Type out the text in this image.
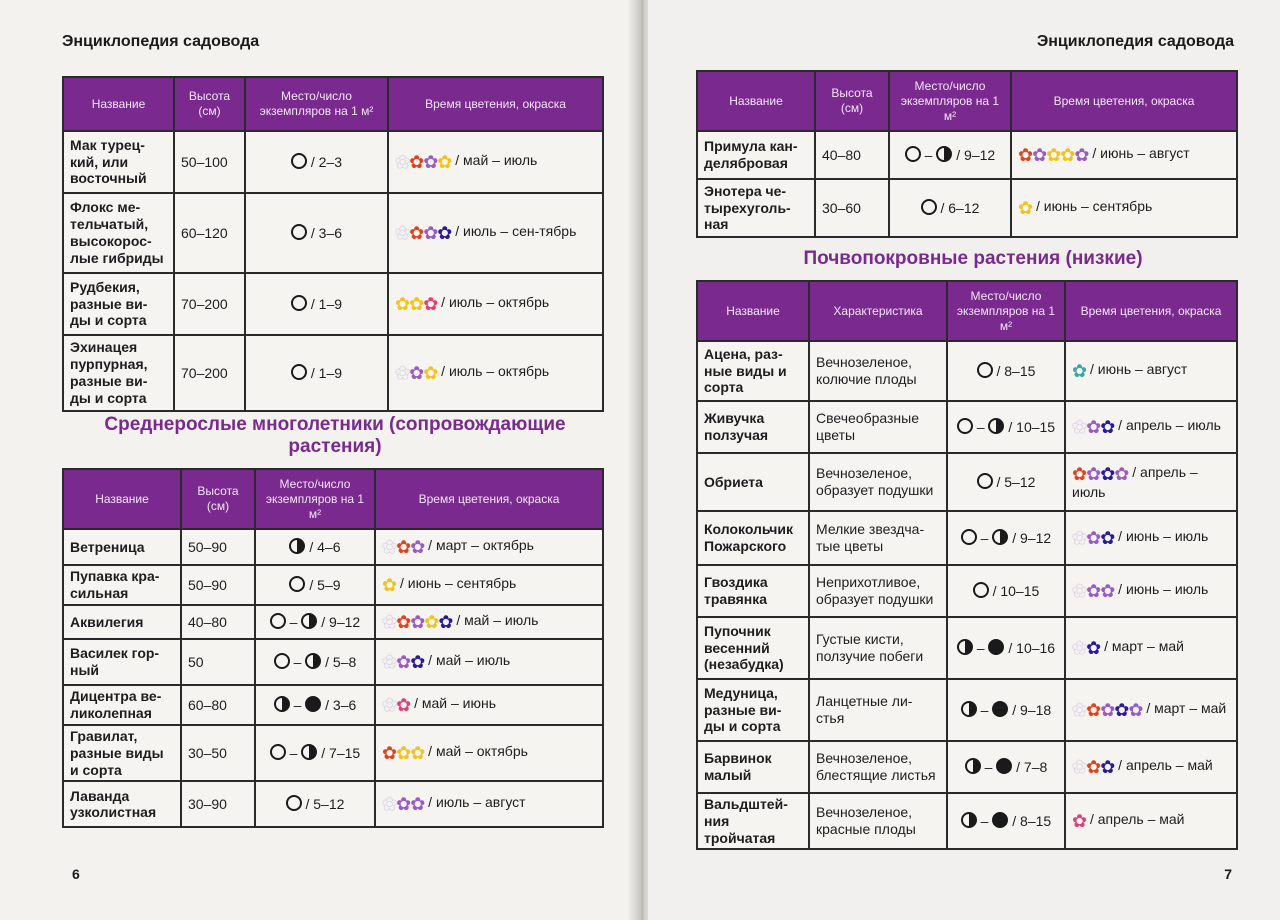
Энциклопедия садовода
Название	Высота (см)	Место/число экземпляров на 1 м²	Время цветения, окраска
Мак турец-кий, или восточный	50–100	/ 2–3	✿✿✿✿ / май – июль
Флокс ме-тельчатый, высокорос-лые гибриды	60–120	/ 3–6	✿✿✿✿ / июль – сен-тябрь
Рудбекия, разные ви-ды и сорта	70–200	/ 1–9	✿✿✿ / июль – октябрь
Эхинацея пурпурная, разные ви-ды и сорта	70–200	/ 1–9	✿✿✿ / июль – октябрь
Среднерослые многолетники (сопровождающие растения)
Название	Высота (см)	Место/число экземпляров на 1 м²	Время цветения, окраска
Ветреница	50–90	/ 4–6	✿✿✿ / март – октябрь
Пупавка кра-сильная	50–90	/ 5–9	✿ / июнь – сентябрь
Аквилегия	40–80	–  / 9–12	✿✿✿✿✿ / май – июль
Василек гор-ный	50	–  / 5–8	✿✿✿ / май – июль
Дицентра ве-ликолепная	60–80	–  / 3–6	✿✿ / май – июнь
Гравилат, разные виды и сорта	30–50	–  / 7–15	✿✿✿ / май – октябрь
Лаванда узколистная	30–90	/ 5–12	✿✿✿ / июль – август
6
Энциклопедия садовода
Название	Высота (см)	Место/число экземпляров на 1 м²	Время цветения, окраска
Примула кан-делябровая	40–80	–  / 9–12	✿✿✿✿✿ / июнь – август
Энотера че-тырехуголь-ная	30–60	/ 6–12	✿ / июнь – сентябрь
Почвопокровные растения (низкие)
Название	Характеристика	Место/число экземпляров на 1 м²	Время цветения, окраска
Ацена, раз-ные виды и сорта	Вечнозеленое, колючие плоды	/ 8–15	✿ / июнь – август
Живучка ползучая	Свечеобразные цветы	–  / 10–15	✿✿✿ / апрель – июль
Обриета	Вечнозеленое, образует подушки	/ 5–12	✿✿✿✿ / апрель – июль
Колокольчик Пожарского	Мелкие звездча-тые цветы	–  / 9–12	✿✿✿ / июнь – июль
Гвоздика травянка	Неприхотливое, образует подушки	/ 10–15	✿✿✿ / июнь – июль
Пупочник весенний (незабудка)	Густые кисти, ползучие побеги	–  / 10–16	✿✿ / март – май
Медуница, разные ви-ды и сорта	Ланцетные ли-стья	–  / 9–18	✿✿✿✿✿ / март – май
Барвинок малый	Вечнозеленое, блестящие листья	–  / 7–8	✿✿✿ / апрель – май
Вальдштей-ния тройчатая	Вечнозеленое, красные плоды	–  / 8–15	✿ / апрель – май
7
